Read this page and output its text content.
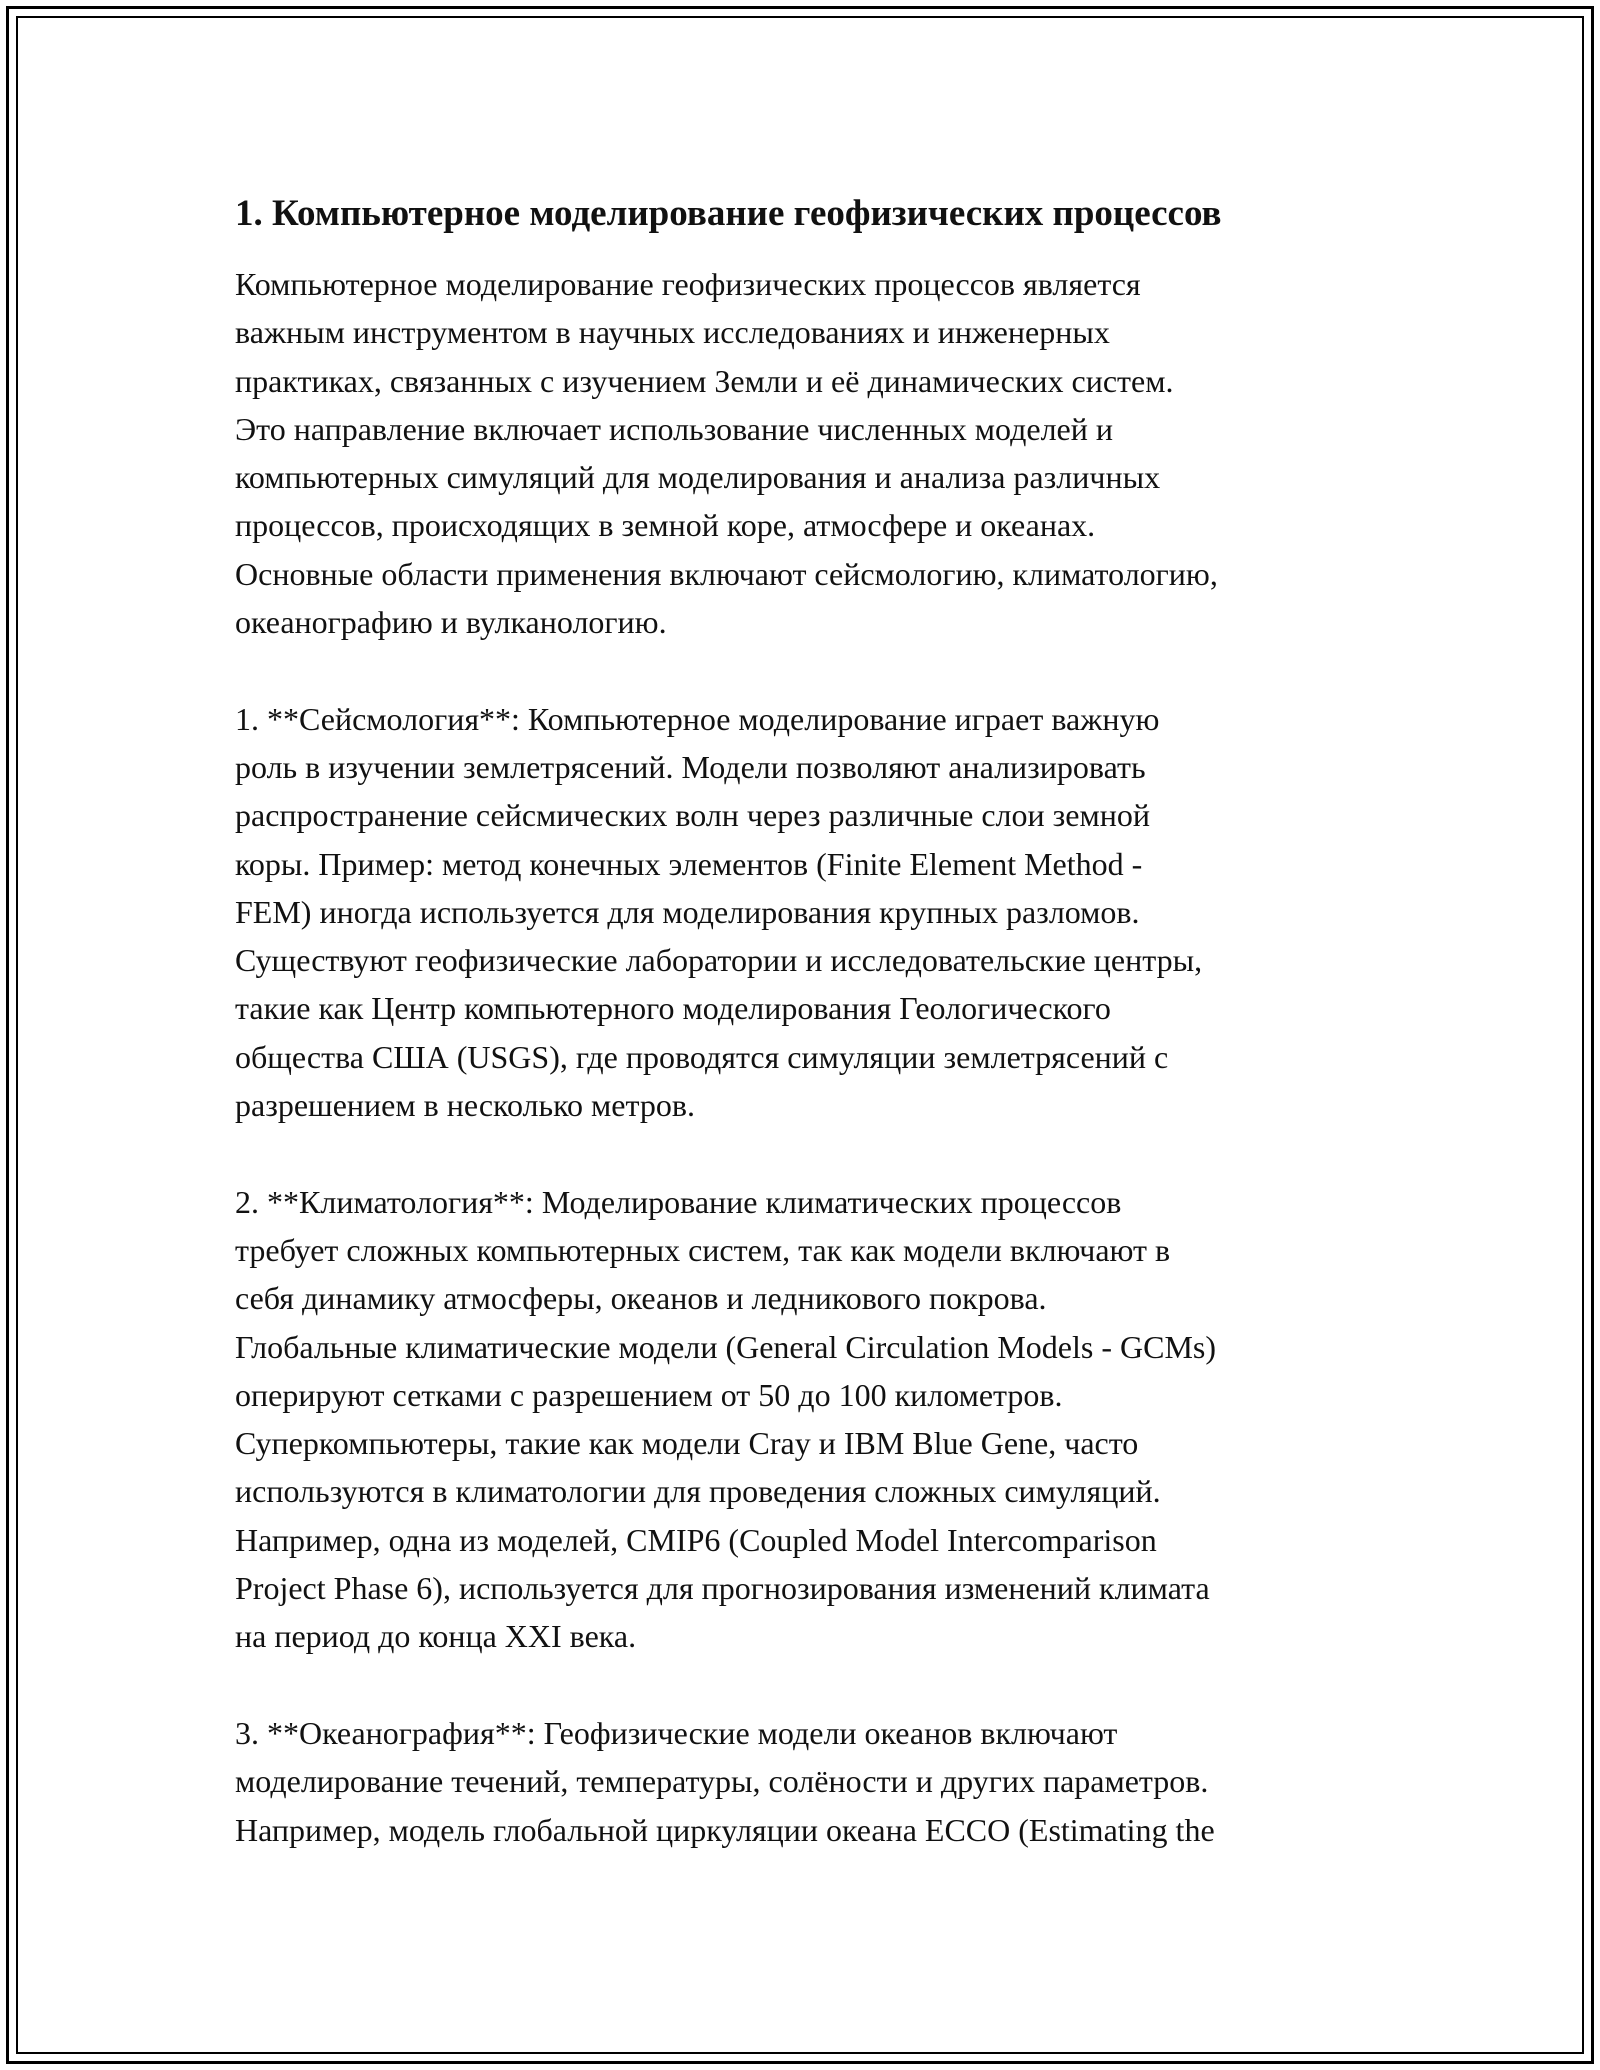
1. Компьютерное моделирование геофизических процессов
Компьютерное моделирование геофизических процессов является
важным инструментом в научных исследованиях и инженерных
практиках, связанных с изучением Земли и её динамических систем.
Это направление включает использование численных моделей и
компьютерных симуляций для моделирования и анализа различных
процессов, происходящих в земной коре, атмосфере и океанах.
Основные области применения включают сейсмологию, климатологию,
океанографию и вулканологию.
1. **Сейсмология**: Компьютерное моделирование играет важную
роль в изучении землетрясений. Модели позволяют анализировать
распространение сейсмических волн через различные слои земной
коры. Пример: метод конечных элементов (Finite Element Method -
FEM) иногда используется для моделирования крупных разломов.
Существуют геофизические лаборатории и исследовательские центры,
такие как Центр компьютерного моделирования Геологического
общества США (USGS), где проводятся симуляции землетрясений с
разрешением в несколько метров.
2. **Климатология**: Моделирование климатических процессов
требует сложных компьютерных систем, так как модели включают в
себя динамику атмосферы, океанов и ледникового покрова.
Глобальные климатические модели (General Circulation Models - GCMs)
оперируют сетками с разрешением от 50 до 100 километров.
Суперкомпьютеры, такие как модели Cray и IBM Blue Gene, часто
используются в климатологии для проведения сложных симуляций.
Например, одна из моделей, CMIP6 (Coupled Model Intercomparison
Project Phase 6), используется для прогнозирования изменений климата
на период до конца XXI века.
3. **Океанография**: Геофизические модели океанов включают
моделирование течений, температуры, солёности и других параметров.
Например, модель глобальной циркуляции океана ECCO (Estimating the
